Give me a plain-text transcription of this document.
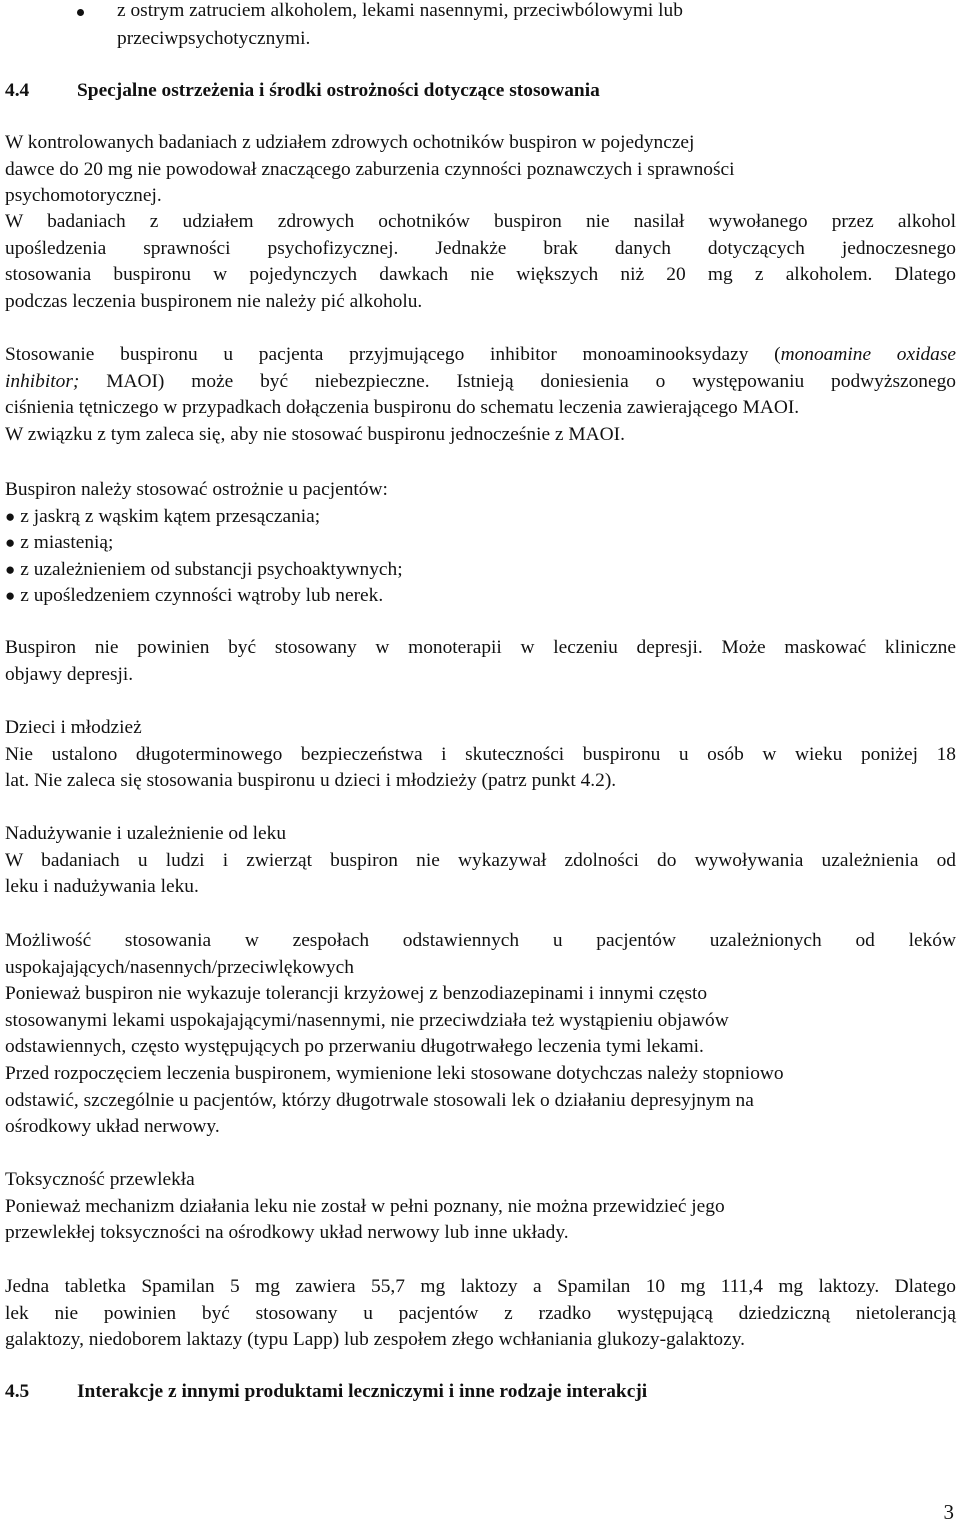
z ostrym zatruciem alkoholem, lekami nasennymi, przeciwbólowymi lub
przeciwpsychotycznymi.
4.4 Specjalne ostrzeżenia i środki ostrożności dotyczące stosowania
W kontrolowanych badaniach z udziałem zdrowych ochotników buspiron w pojedynczej
dawce do 20 mg nie powodował znaczącego zaburzenia czynności poznawczych i sprawności
psychomotorycznej.
W badaniach z udziałem zdrowych ochotników buspiron nie nasilał wywołanego przez alkohol
upośledzenia sprawności psychofizycznej. Jednakże brak danych dotyczących jednoczesnego
stosowania buspironu w pojedynczych dawkach nie większych niż 20 mg z alkoholem. Dlatego
podczas leczenia buspironem nie należy pić alkoholu.
Stosowanie buspironu u pacjenta przyjmującego inhibitor monoaminooksydazy (monoamine oxidase
inhibitor; MAOI) może być niebezpieczne. Istnieją doniesienia o występowaniu podwyższonego
ciśnienia tętniczego w przypadkach dołączenia buspironu do schematu leczenia zawierającego MAOI.
W związku z tym zaleca się, aby nie stosować buspironu jednocześnie z MAOI.
Buspiron należy stosować ostrożnie u pacjentów:
● z jaskrą z wąskim kątem przesączania;
● z miastenią;
● z uzależnieniem od substancji psychoaktywnych;
● z upośledzeniem czynności wątroby lub nerek.
Buspiron nie powinien być stosowany w monoterapii w leczeniu depresji. Może maskować kliniczne
objawy depresji.
Dzieci i młodzież
Nie ustalono długoterminowego bezpieczeństwa i skuteczności buspironu u osób w wieku poniżej 18
lat. Nie zaleca się stosowania buspironu u dzieci i młodzieży (patrz punkt 4.2).
Nadużywanie i uzależnienie od leku
W badaniach u ludzi i zwierząt buspiron nie wykazywał zdolności do wywoływania uzależnienia od
leku i nadużywania leku.
Możliwość stosowania w zespołach odstawiennych u pacjentów uzależnionych od leków
uspokajających/nasennych/przeciwlękowych
Ponieważ buspiron nie wykazuje tolerancji krzyżowej z benzodiazepinami i innymi często
stosowanymi lekami uspokajającymi/nasennymi, nie przeciwdziała też wystąpieniu objawów
odstawiennych, często występujących po przerwaniu długotrwałego leczenia tymi lekami.
Przed rozpoczęciem leczenia buspironem, wymienione leki stosowane dotychczas należy stopniowo
odstawić, szczególnie u pacjentów, którzy długotrwale stosowali lek o działaniu depresyjnym na
ośrodkowy układ nerwowy.
Toksyczność przewlekła
Ponieważ mechanizm działania leku nie został w pełni poznany, nie można przewidzieć jego
przewlekłej toksyczności na ośrodkowy układ nerwowy lub inne układy.
Jedna tabletka Spamilan 5 mg zawiera 55,7 mg laktozy a Spamilan 10 mg 111,4 mg laktozy. Dlatego
lek nie powinien być stosowany u pacjentów z rzadko występującą dziedziczną nietolerancją
galaktozy, niedoborem laktazy (typu Lapp) lub zespołem złego wchłaniania glukozy-galaktozy.
4.5 Interakcje z innymi produktami leczniczymi i inne rodzaje interakcji
3
